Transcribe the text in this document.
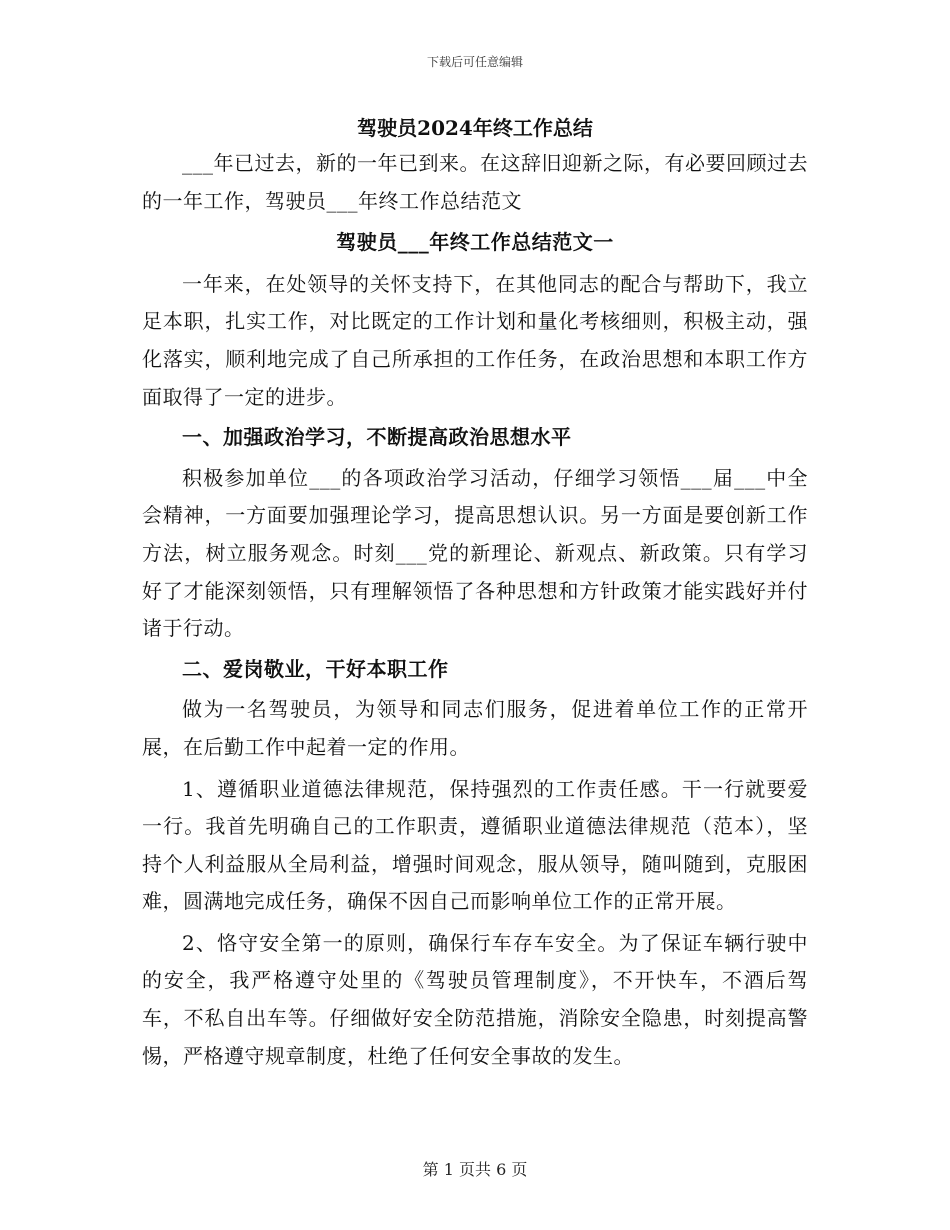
下载后可任意编辑
驾驶员2024年终工作总结

___年已过去，新的一年已到来。在这辞旧迎新之际，有必要回顾过去的一年工作，驾驶员___年终工作总结范文

驾驶员___年终工作总结范文一

一年来，在处领导的关怀支持下，在其他同志的配合与帮助下，我立足本职，扎实工作，对比既定的工作计划和量化考核细则，积极主动，强化落实，顺利地完成了自己所承担的工作任务，在政治思想和本职工作方面取得了一定的进步。

一、加强政治学习，不断提高政治思想水平

积极参加单位___的各项政治学习活动，仔细学习领悟___届___中全会精神，一方面要加强理论学习，提高思想认识。另一方面是要创新工作方法，树立服务观念。时刻___党的新理论、新观点、新政策。只有学习好了才能深刻领悟，只有理解领悟了各种思想和方针政策才能实践好并付诸于行动。

二、爱岗敬业，干好本职工作

做为一名驾驶员，为领导和同志们服务，促进着单位工作的正常开展，在后勤工作中起着一定的作用。

1、遵循职业道德法律规范，保持强烈的工作责任感。干一行就要爱一行。我首先明确自己的工作职责，遵循职业道德法律规范（范本），坚持个人利益服从全局利益，增强时间观念，服从领导，随叫随到，克服困难，圆满地完成任务，确保不因自己而影响单位工作的正常开展。

2、恪守安全第一的原则，确保行车存车安全。为了保证车辆行驶中的安全，我严格遵守处里的《驾驶员管理制度》，不开快车，不酒后驾车，不私自出车等。仔细做好安全防范措施，消除安全隐患，时刻提高警惕，严格遵守规章制度，杜绝了任何安全事故的发生。

第 1 页共 6 页
